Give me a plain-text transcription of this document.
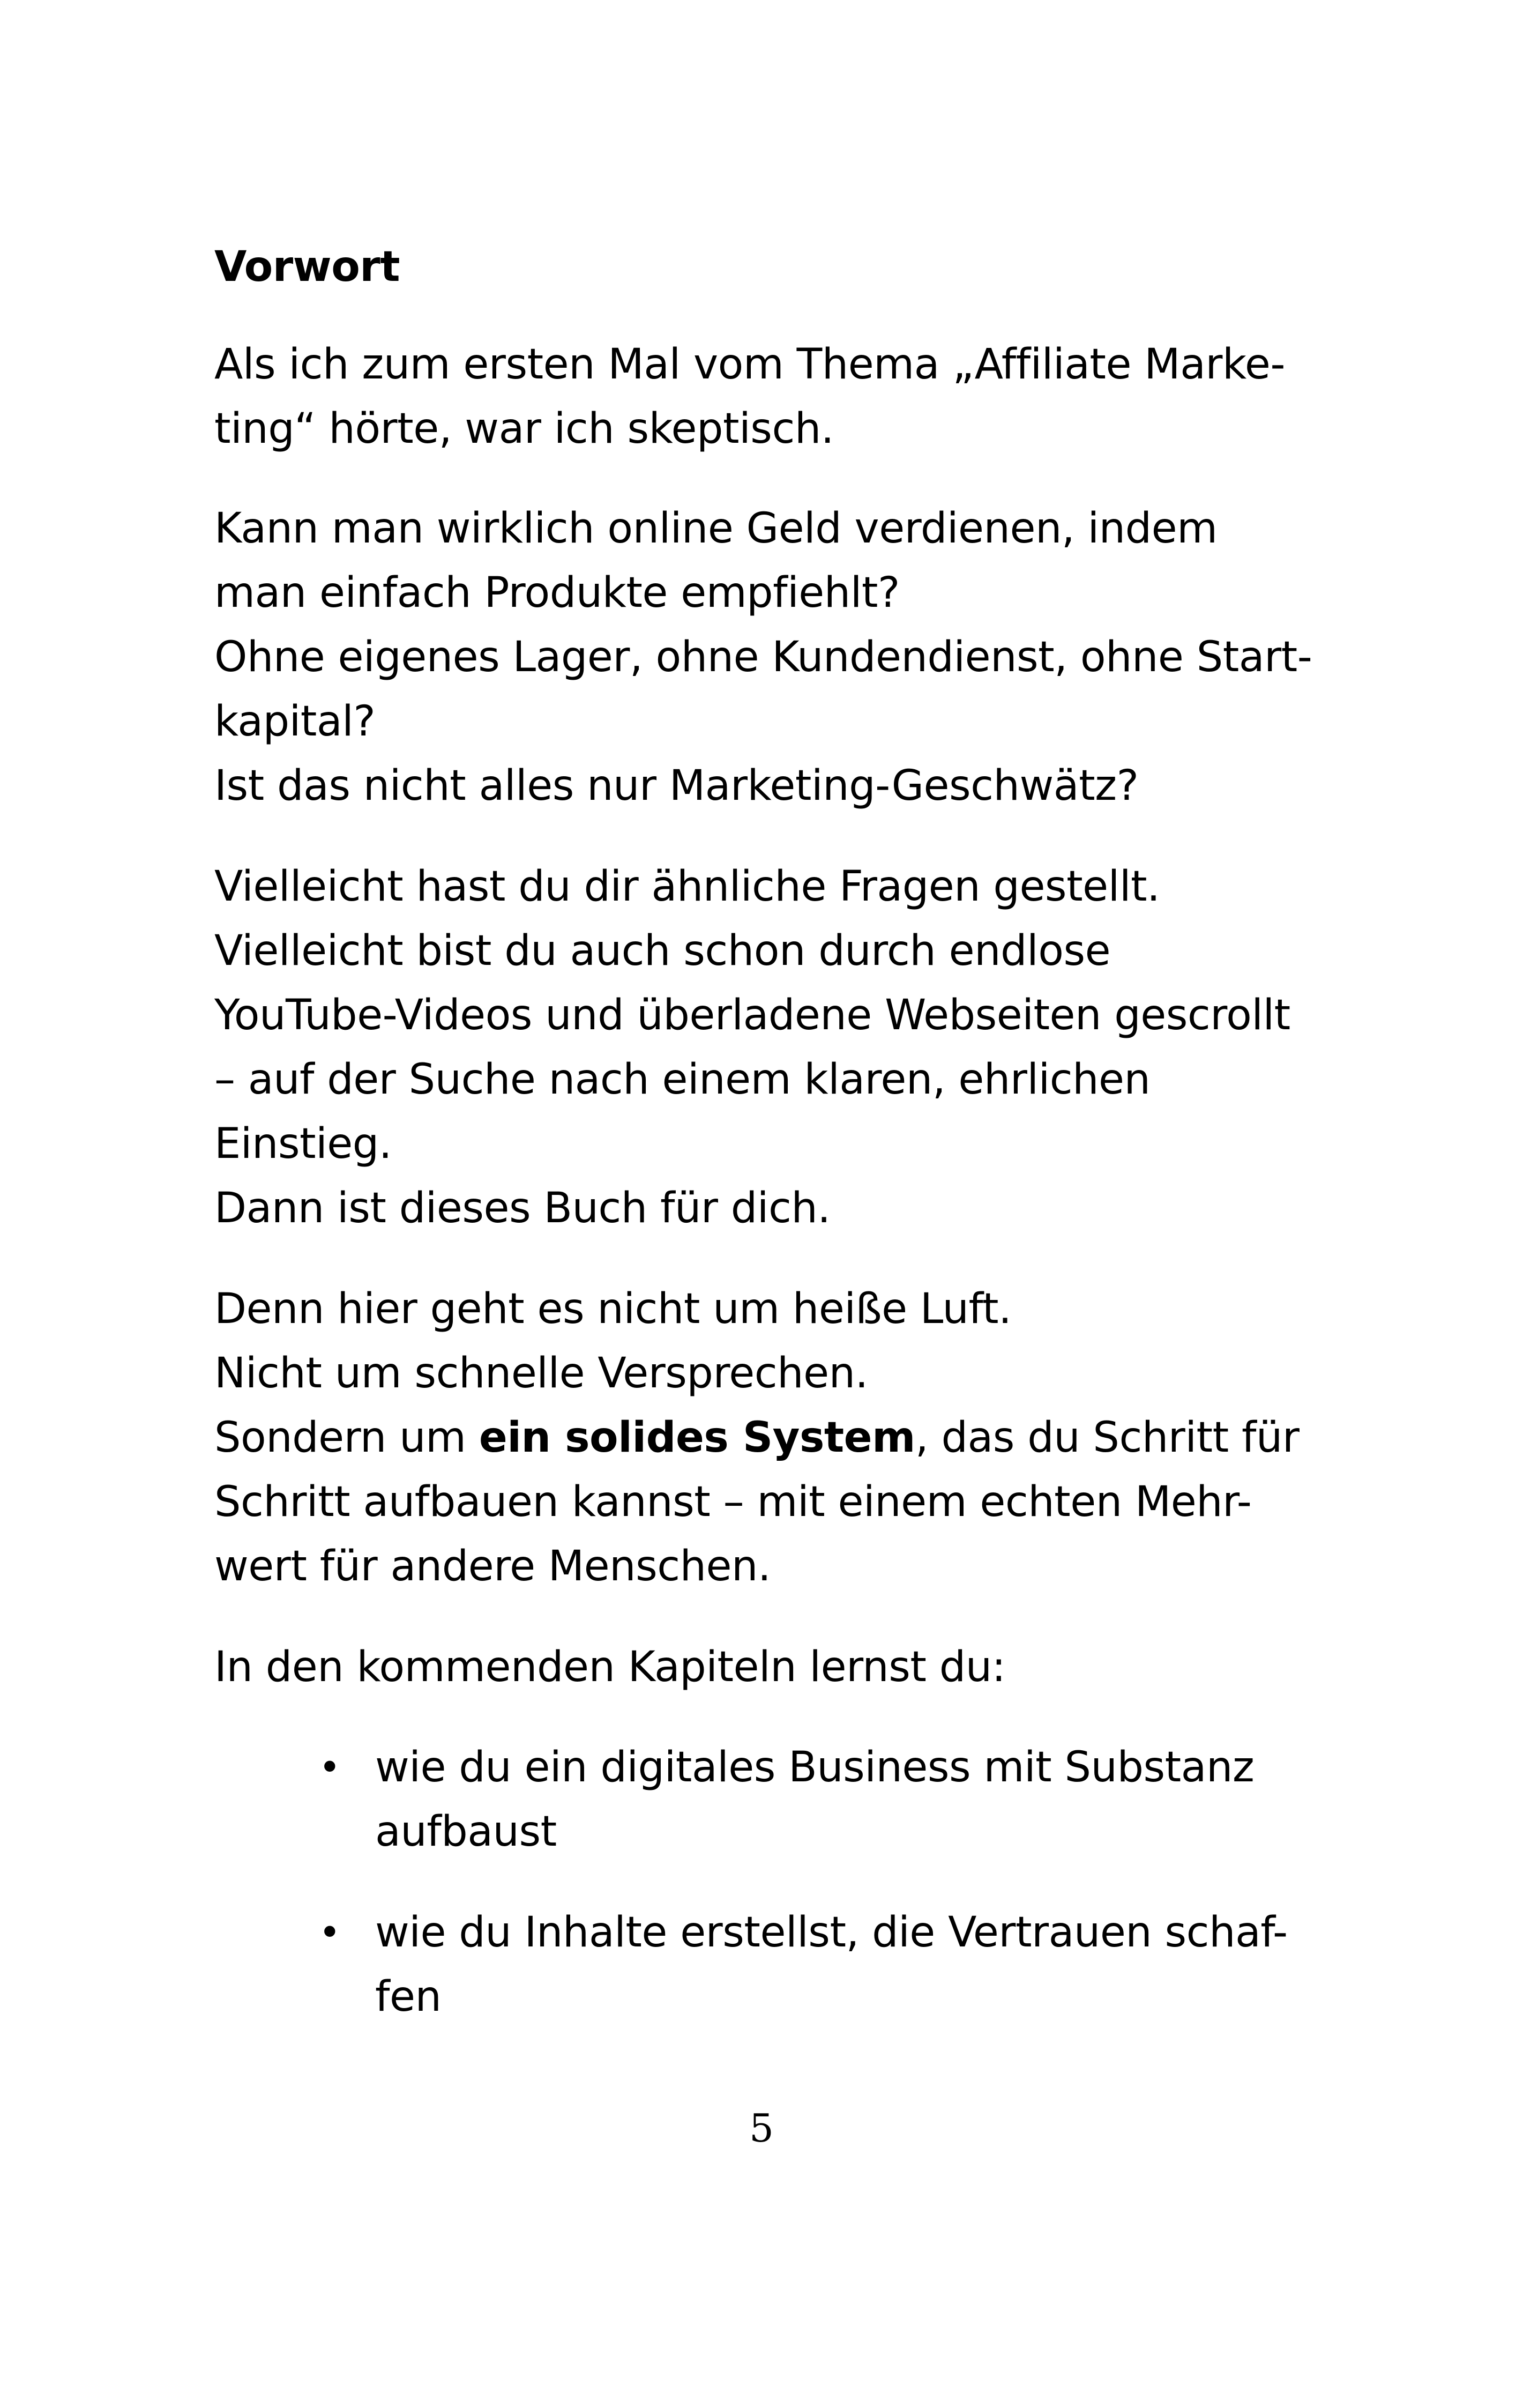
Vorwort
Als ich zum ersten Mal vom Thema „Affiliate Marke-
ting“ hörte, war ich skeptisch.
Kann man wirklich online Geld verdienen, indem
man einfach Produkte empfiehlt?
Ohne eigenes Lager, ohne Kundendienst, ohne Start-
kapital?
Ist das nicht alles nur Marketing-Geschwätz?
Vielleicht hast du dir ähnliche Fragen gestellt.
Vielleicht bist du auch schon durch endlose
YouTube-Videos und überladene Webseiten gescrollt
– auf der Suche nach einem klaren, ehrlichen
Einstieg.
Dann ist dieses Buch für dich.
Denn hier geht es nicht um heiße Luft.
Nicht um schnelle Versprechen.
Sondern um ein solides System, das du Schritt für
Schritt aufbauen kannst – mit einem echten Mehr-
wert für andere Menschen.
In den kommenden Kapiteln lernst du:
• wie du ein digitales Business mit Substanz
aufbaust
• wie du Inhalte erstellst, die Vertrauen schaf-
fen
5
